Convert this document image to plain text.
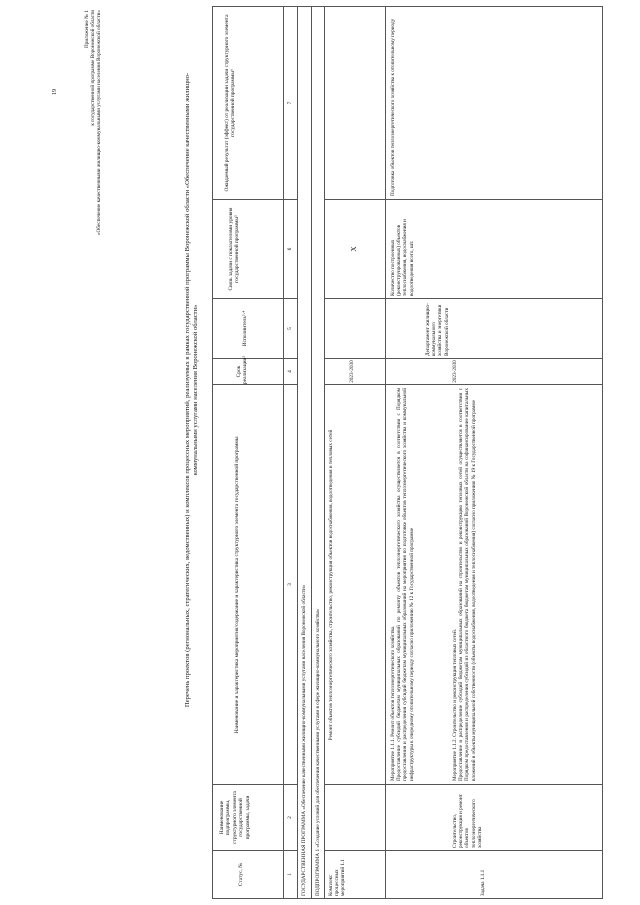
19
Приложение № 1 к государственной программе Воронежской области «Обеспечение качественными жилищно-коммунальными услугами населения Воронежской области»	Перечень проектов (региональных, стратегических, ведомственных) и комплексов процессных мероприятий, реализуемых в рамках государственной программы Воронежской области «Обеспечение качественными жилищно- коммунальными услугами населения Воронежской области»
Статус, №
Наименование подпрограммы, структурного элемента государственной программы, задачи
Наименование и характеристика мероприятия/содержание и характеристика структурного элемента государственной программы
Срок реализации²
Исполнитель³·⁴
Связь задачи с показателями уровня государственной программы⁵
Ожидаемый результат (эффект) от реализации задачи структурного элемента государственной программы⁶
1
2
3
4
5
6
7
ГОСУДАРСТВЕННАЯ ПРОГРАММА «Обеспечение качественными жилищно-коммунальными услугами населения Воронежской области» ПОДПРОГРАММА 1 «Создание условий для обеспечения качественными услугами в сфере жилищно-коммунального хозяйства» Комплекс процессных мероприятий 1.1
Ремонт объектов теплоэнергетического хозяйства, строительство, реконструкция объектов водоснабжения, водоотведения и тепловых сетей
2023-2030
X
Задача 1.1.1
Строительство, реконструкция и ремонт объектов теплоэнергетического хозяйства
Мероприятие 1.1.1. Ремонт объектов теплоэнергетического хозяйства. Предоставление субсидий бюджетам муниципальных образований по ремонту объектов теплоэнергетического хозяйства осуществляется в соответствии с Порядком предоставления и распределения субсидий бюджетам муниципальных образований на мероприятия по подготовке объектов теплоэнергетического хозяйства и коммунальной инфраструктуры к очередному отопительному периоду согласно приложению № 12 к Государственной программе	Мероприятие 1.1.2. Строительство и реконструкция тепловых сетей. Предоставление и распределение субсидий бюджетам муниципальных образований на строительство и реконструкцию тепловых сетей осуществляется в соответствии с Порядком предоставления и распределения субсидий из областного бюджета бюджетам муниципальных образований Воронежской области на софинансирование капитальных вложений в объекты муниципальной собственности (объекты водоснабжения, водоотведения и теплоснабжения) согласно приложению № 19 к Государственной программе
2023-2030
Департамент жилищно-коммунального хозяйства и энергетики Воронежской области
Количество построенных (реконструированных) объектов теплоснабжения, водоснабжения и водоотведения всего, шт.
Подготовка объектов теплоэнергетического хозяйства к отопительному периоду
